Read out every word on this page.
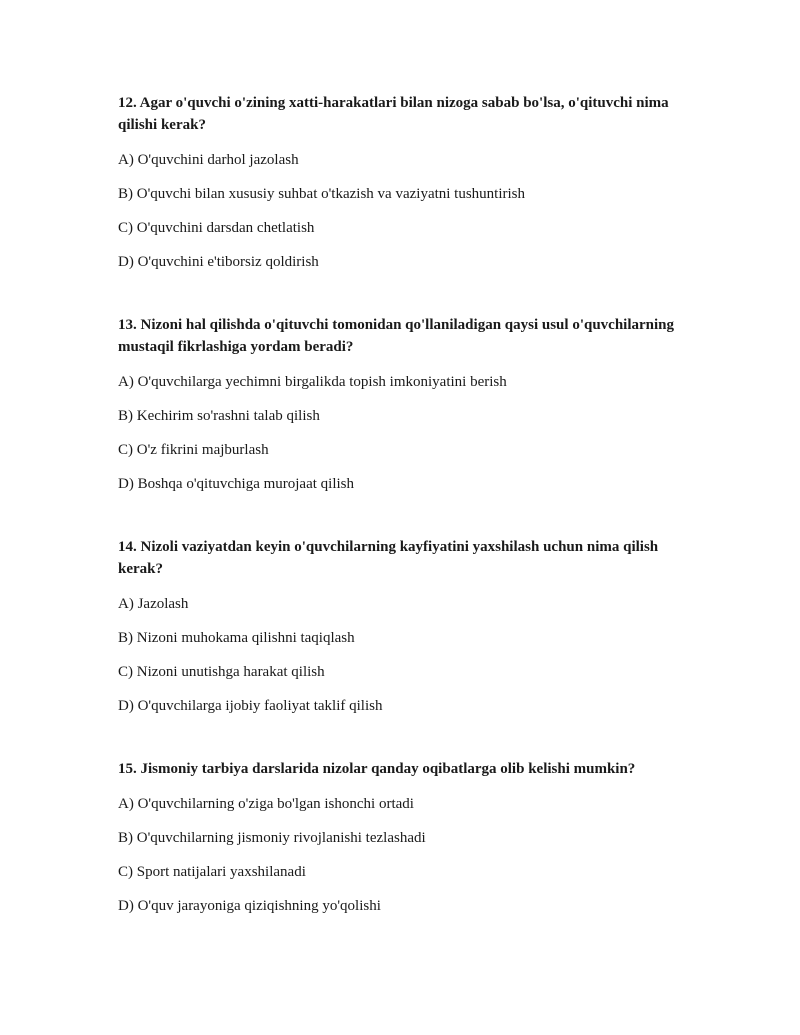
12. Agar o'quvchi o'zining xatti-harakatlari bilan nizoga sabab bo'lsa, o'qituvchi nima qilishi kerak?

A) O'quvchini darhol jazolash

B) O'quvchi bilan xususiy suhbat o'tkazish va vaziyatni tushuntirish

C) O'quvchini darsdan chetlatish

D) O'quvchini e'tiborsiz qoldirish

13. Nizoni hal qilishda o'qituvchi tomonidan qo'llaniladigan qaysi usul o'quvchilarning mustaqil fikrlashiga yordam beradi?

A) O'quvchilarga yechimni birgalikda topish imkoniyatini berish

B) Kechirim so'rashni talab qilish

C) O'z fikrini majburlash

D) Boshqa o'qituvchiga murojaat qilish

14. Nizoli vaziyatdan keyin o'quvchilarning kayfiyatini yaxshilash uchun nima qilish kerak?

A) Jazolash

B) Nizoni muhokama qilishni taqiqlash

C) Nizoni unutishga harakat qilish

D) O'quvchilarga ijobiy faoliyat taklif qilish

15. Jismoniy tarbiya darslarida nizolar qanday oqibatlarga olib kelishi mumkin?

A) O'quvchilarning o'ziga bo'lgan ishonchi ortadi

B) O'quvchilarning jismoniy rivojlanishi tezlashadi

C) Sport natijalari yaxshilanadi

D) O'quv jarayoniga qiziqishning yo'qolishi
